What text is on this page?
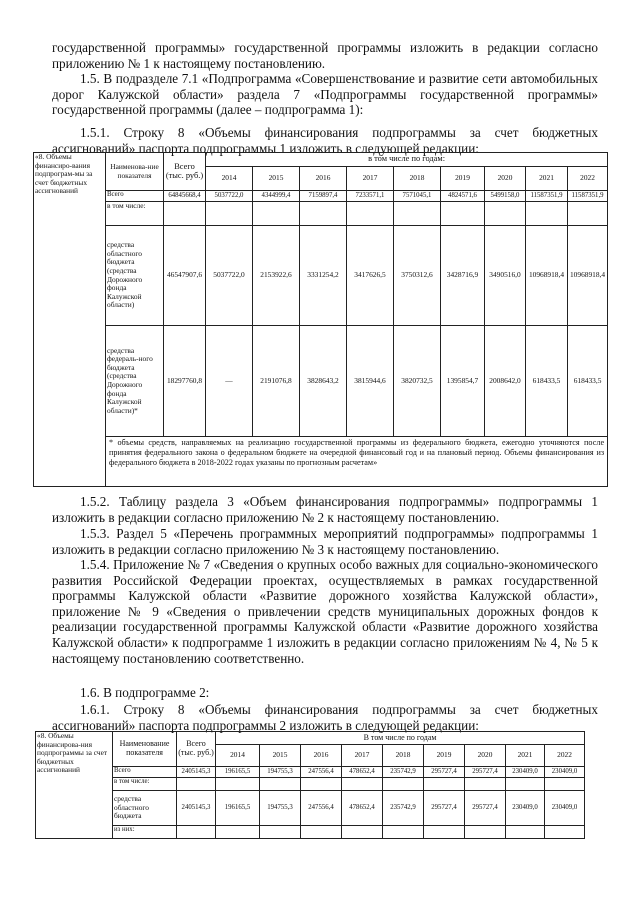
государственной программы» государственной программы изложить в редакции согласно приложению № 1 к настоящему постановлению.

1.5. В подразделе 7.1 «Подпрограмма «Совершенствование и развитие сети автомобильных дорог Калужской области» раздела 7 «Подпрограммы государственной программы» государственной программы (далее – подпрограмма 1):

1.5.1. Строку 8 «Объемы финансирования подпрограммы за счет бюджетных ассигнований» паспорта подпрограммы 1 изложить в следующей редакции:

«8. Объемы финансиро-вания подпрограм-мы за счет бюджетных ассигнований	Наименова-ние показателя	Всего (тыс. руб.)	в том числе по годам:								
			2014	2015	2016	2017	2018	2019	2020	2021	2022
	Всего	64845668,4	5037722,0	4344999,4	7159897,4	7233571,1	7571045,1	4824571,6	5499158,0	11587351,9	11587351,9
	в том числе:										
	средства областного бюджета (средства Дорожного фонда Калужской области)	46547907,6	5037722,0	2153922,6	3331254,2	3417626,5	3750312,6	3428716,9	3490516,0	10968918,4	10968918,4
	средства федераль-ного бюджета (средства Дорожного фонда Калужской области)*	18297760,8	—	2191076,8	3828643,2	3815944,6	3820732,5	1395854,7	2008642,0	618433,5	618433,5
	* объемы средств, направляемых на реализацию государственной программы из федерального бюджета, ежегодно уточняются после принятия федерального закона о федеральном бюджете на очередной финансовый год и на плановый период. Объемы финансирования из федерального бюджета в 2018-2022 годах указаны по прогнозным расчетам»										

1.5.2. Таблицу раздела 3 «Объем финансирования подпрограммы» подпрограммы 1 изложить в редакции согласно приложению № 2 к настоящему постановлению.

1.5.3. Раздел 5 «Перечень программных мероприятий подпрограммы» подпрограммы 1 изложить в редакции согласно приложению № 3 к настоящему постановлению.

1.5.4. Приложение № 7 «Сведения о крупных особо важных для социально-экономического развития Российской Федерации проектах, осуществляемых в рамках государственной программы Калужской области «Развитие дорожного хозяйства Калужской области», приложение № 9 «Сведения о привлечении средств муниципальных дорожных фондов к реализации государственной программы Калужской области «Развитие дорожного хозяйства Калужской области» к подпрограмме 1 изложить в редакции согласно приложениям № 4, № 5 к настоящему постановлению соответственно.

1.6. В подпрограмме 2:

1.6.1. Строку 8 «Объемы финансирования подпрограммы за счет бюджетных ассигнований» паспорта подпрограммы 2 изложить в следующей редакции:

«8. Объемы финансирова-ния подпрограммы за счет бюджетных ассигнований	Наименование показателя	Всего (тыс. руб.)	В том числе по годам								
			2014	2015	2016	2017	2018	2019	2020	2021	2022
	Всего	2405145,3	196165,5	194755,3	247556,4	478652,4	235742,9	295727,4	295727,4	230409,0	230409,0
	в том числе:										
	средства областного бюджета	2405145,3	196165,5	194755,3	247556,4	478652,4	235742,9	295727,4	295727,4	230409,0	230409,0
	из них:										
